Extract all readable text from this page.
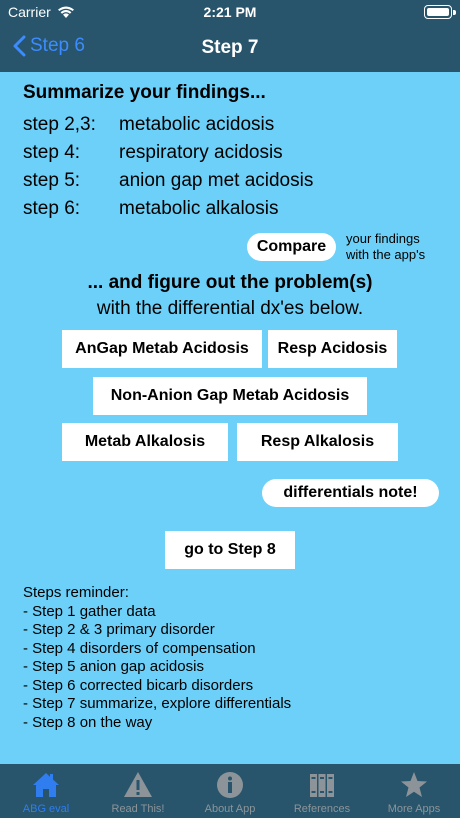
Carrier	2:21 PM
Step 6	Step 7
Summarize your findings...
step 2,3:	metabolic acidosis
step 4:	respiratory acidosis
step 5:	anion gap met acidosis
step 6:	metabolic alkalosis
Compare	your findings
with the app's
... and figure out the problem(s)
with the differential dx'es below.
AnGap Metab Acidosis	Resp Acidosis
Non-Anion Gap Metab Acidosis
Metab Alkalosis	Resp Alkalosis
differentials note!
go to Step 8
Steps reminder:
- Step 1 gather data
- Step 2 & 3 primary disorder
- Step 4 disorders of compensation
- Step 5 anion gap acidosis
- Step 6 corrected bicarb disorders
- Step 7 summarize, explore differentials
- Step 8 on the way
ABG eval	Read This!	About App	References	More Apps
